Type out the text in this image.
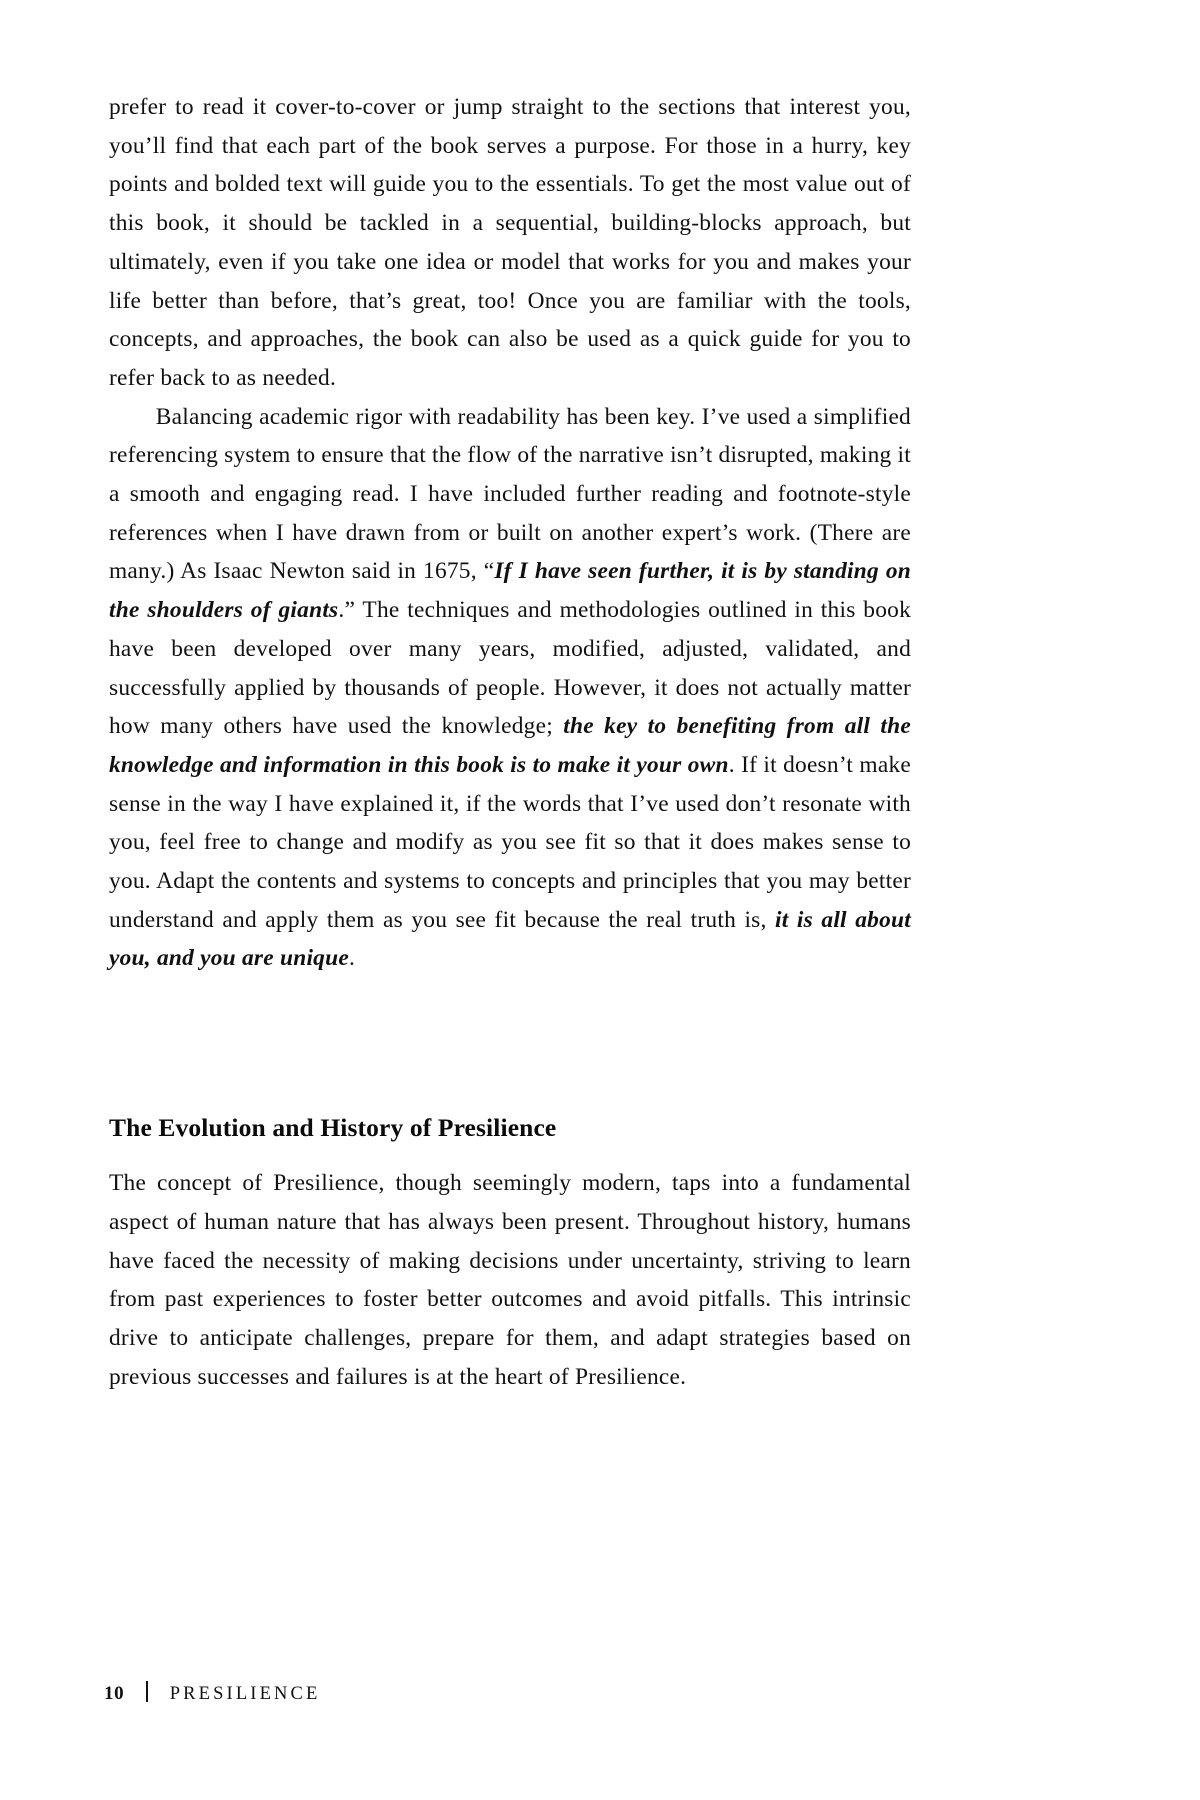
prefer to read it cover-to-cover or jump straight to the sections that interest you, you’ll find that each part of the book serves a purpose. For those in a hurry, key points and bolded text will guide you to the essentials. To get the most value out of this book, it should be tackled in a sequential, building-blocks approach, but ultimately, even if you take one idea or model that works for you and makes your life better than before, that’s great, too! Once you are familiar with the tools, concepts, and approaches, the book can also be used as a quick guide for you to refer back to as needed.

Balancing academic rigor with readability has been key. I’ve used a simplified referencing system to ensure that the flow of the narrative isn’t disrupted, making it a smooth and engaging read. I have included further reading and footnote-style references when I have drawn from or built on another expert’s work. (There are many.) As Isaac Newton said in 1675, “If I have seen further, it is by standing on the shoulders of giants.” The techniques and methodologies outlined in this book have been developed over many years, modified, adjusted, validated, and successfully applied by thousands of people. However, it does not actually matter how many others have used the knowledge; the key to benefiting from all the knowledge and information in this book is to make it your own. If it doesn’t make sense in the way I have explained it, if the words that I’ve used don’t resonate with you, feel free to change and modify as you see fit so that it does makes sense to you. Adapt the contents and systems to concepts and principles that you may better understand and apply them as you see fit because the real truth is, it is all about you, and you are unique.

The Evolution and History of Presilience

The concept of Presilience, though seemingly modern, taps into a fundamental aspect of human nature that has always been present. Throughout history, humans have faced the necessity of making decisions under uncertainty, striving to learn from past experiences to foster better outcomes and avoid pitfalls. This intrinsic drive to anticipate challenges, prepare for them, and adapt strategies based on previous successes and failures is at the heart of Presilience.

10 PRESILIENCE
